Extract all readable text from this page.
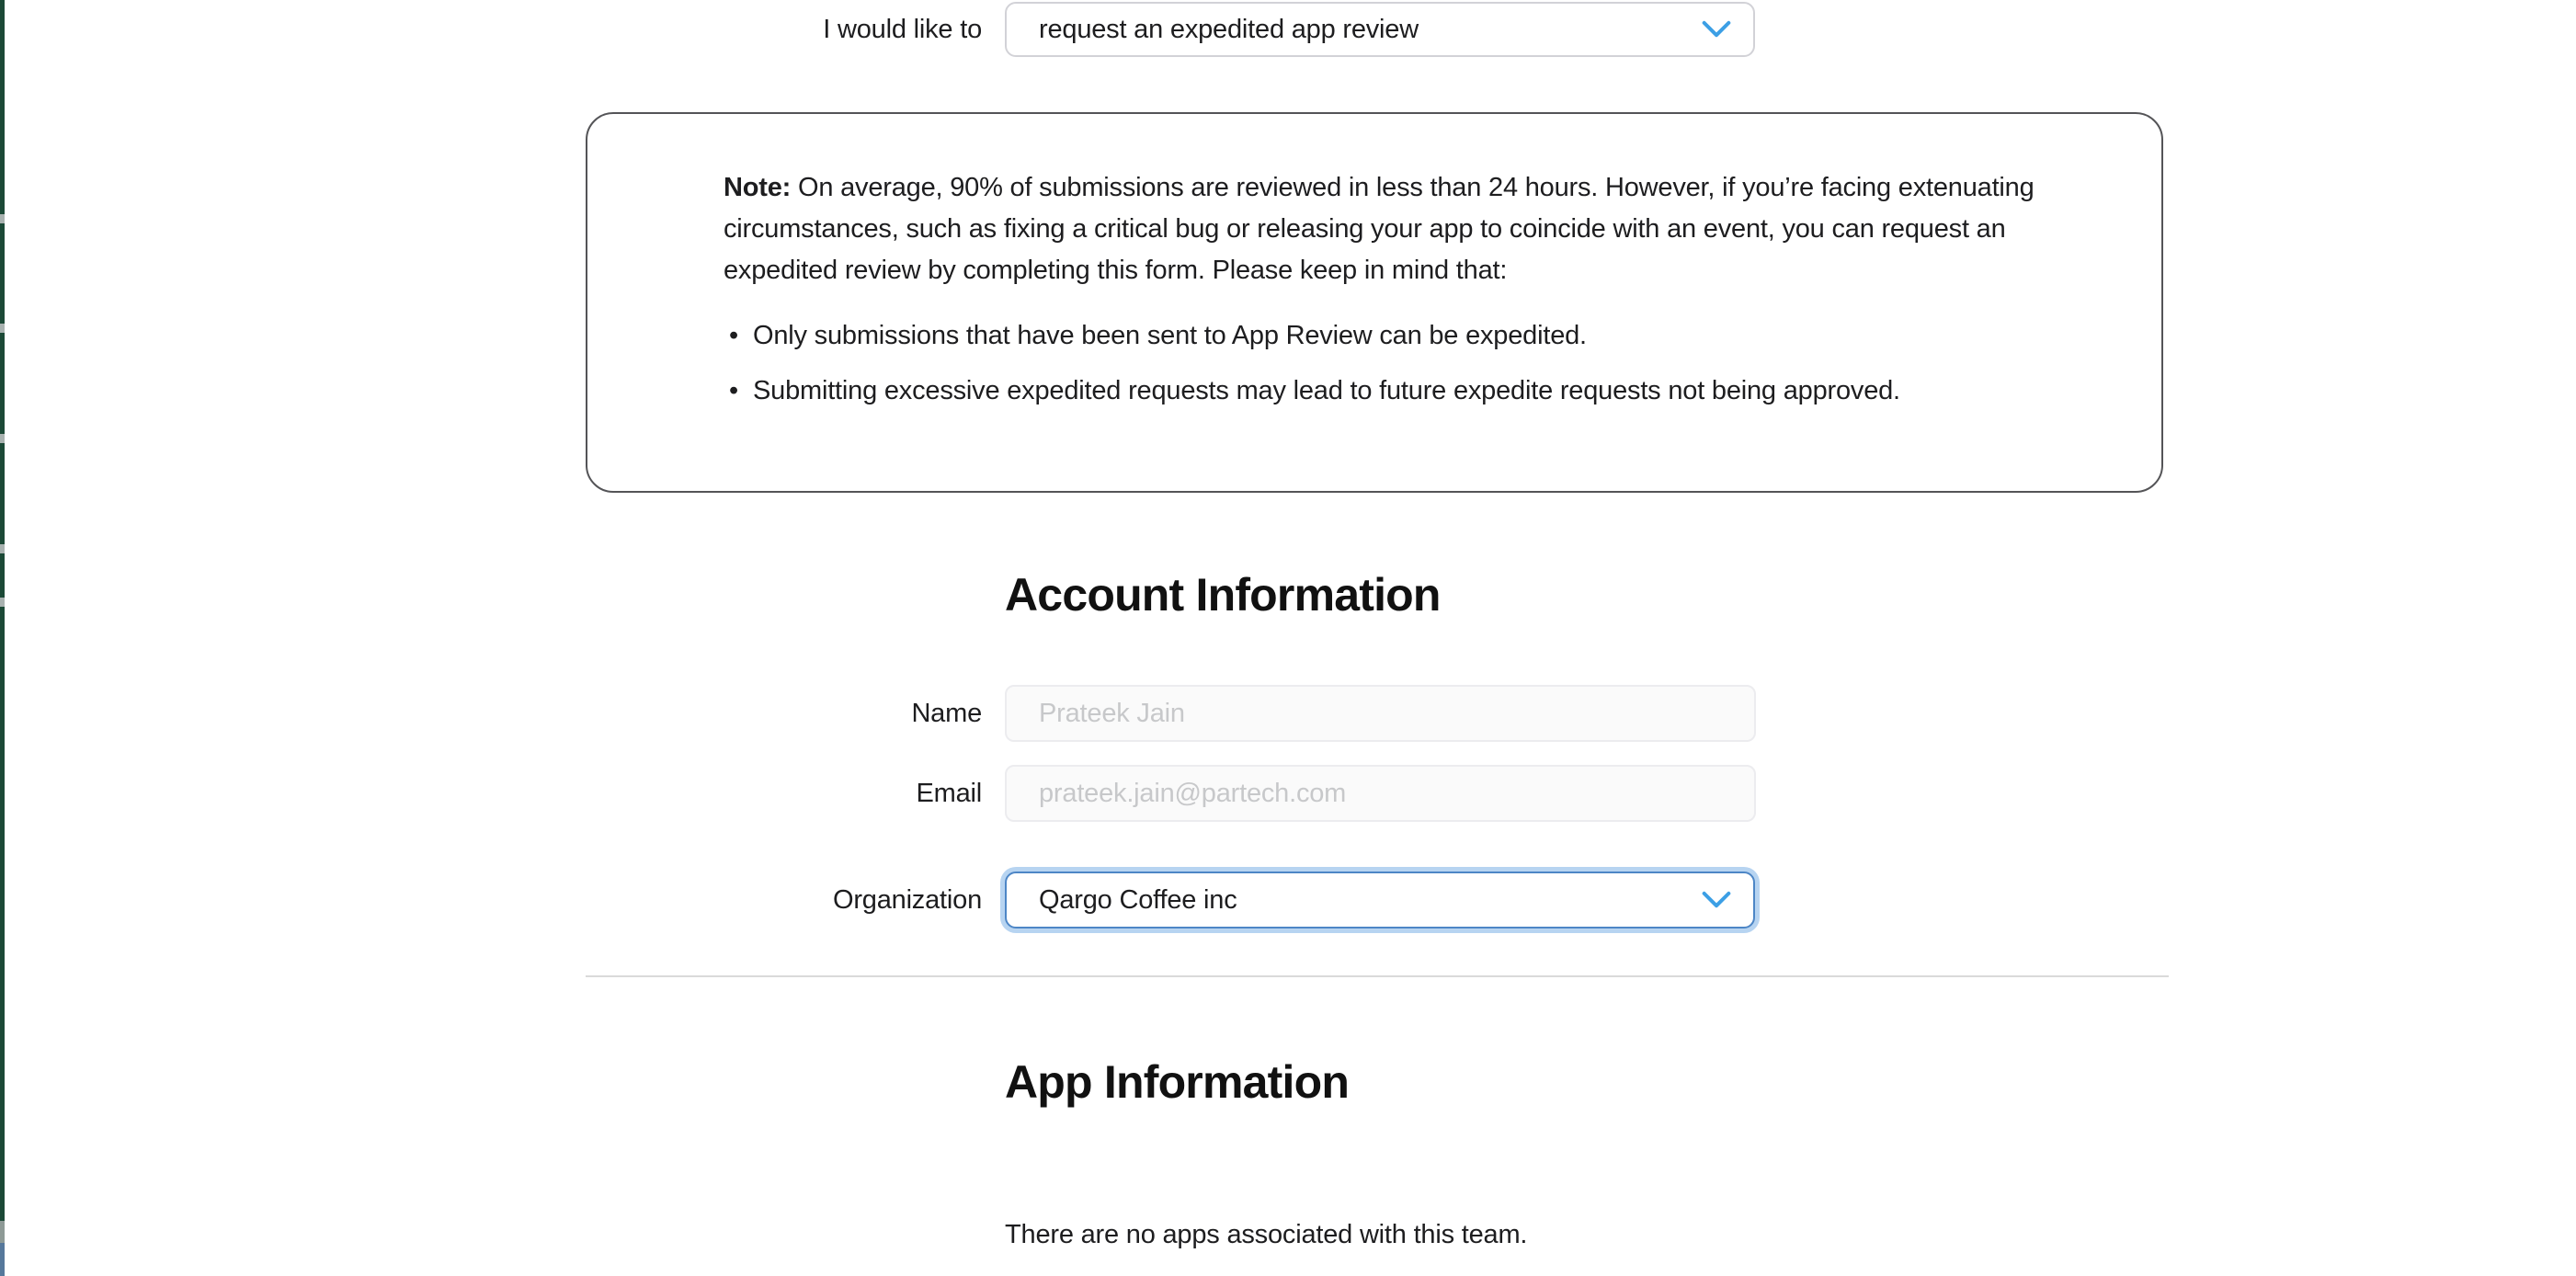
I would like to request an expedited app review

Note: On average, 90% of submissions are reviewed in less than 24 hours. However, if you’re facing extenuating circumstances, such as fixing a critical bug or releasing your app to coincide with an event, you can request an expedited review by completing this form. Please keep in mind that:

• Only submissions that have been sent to App Review can be expedited.
• Submitting excessive expedited requests may lead to future expedite requests not being approved.
Account Information
Name
Prateek Jain
Email
prateek.jain@partech.com
Organization Qargo Coffee inc
App Information

There are no apps associated with this team.
